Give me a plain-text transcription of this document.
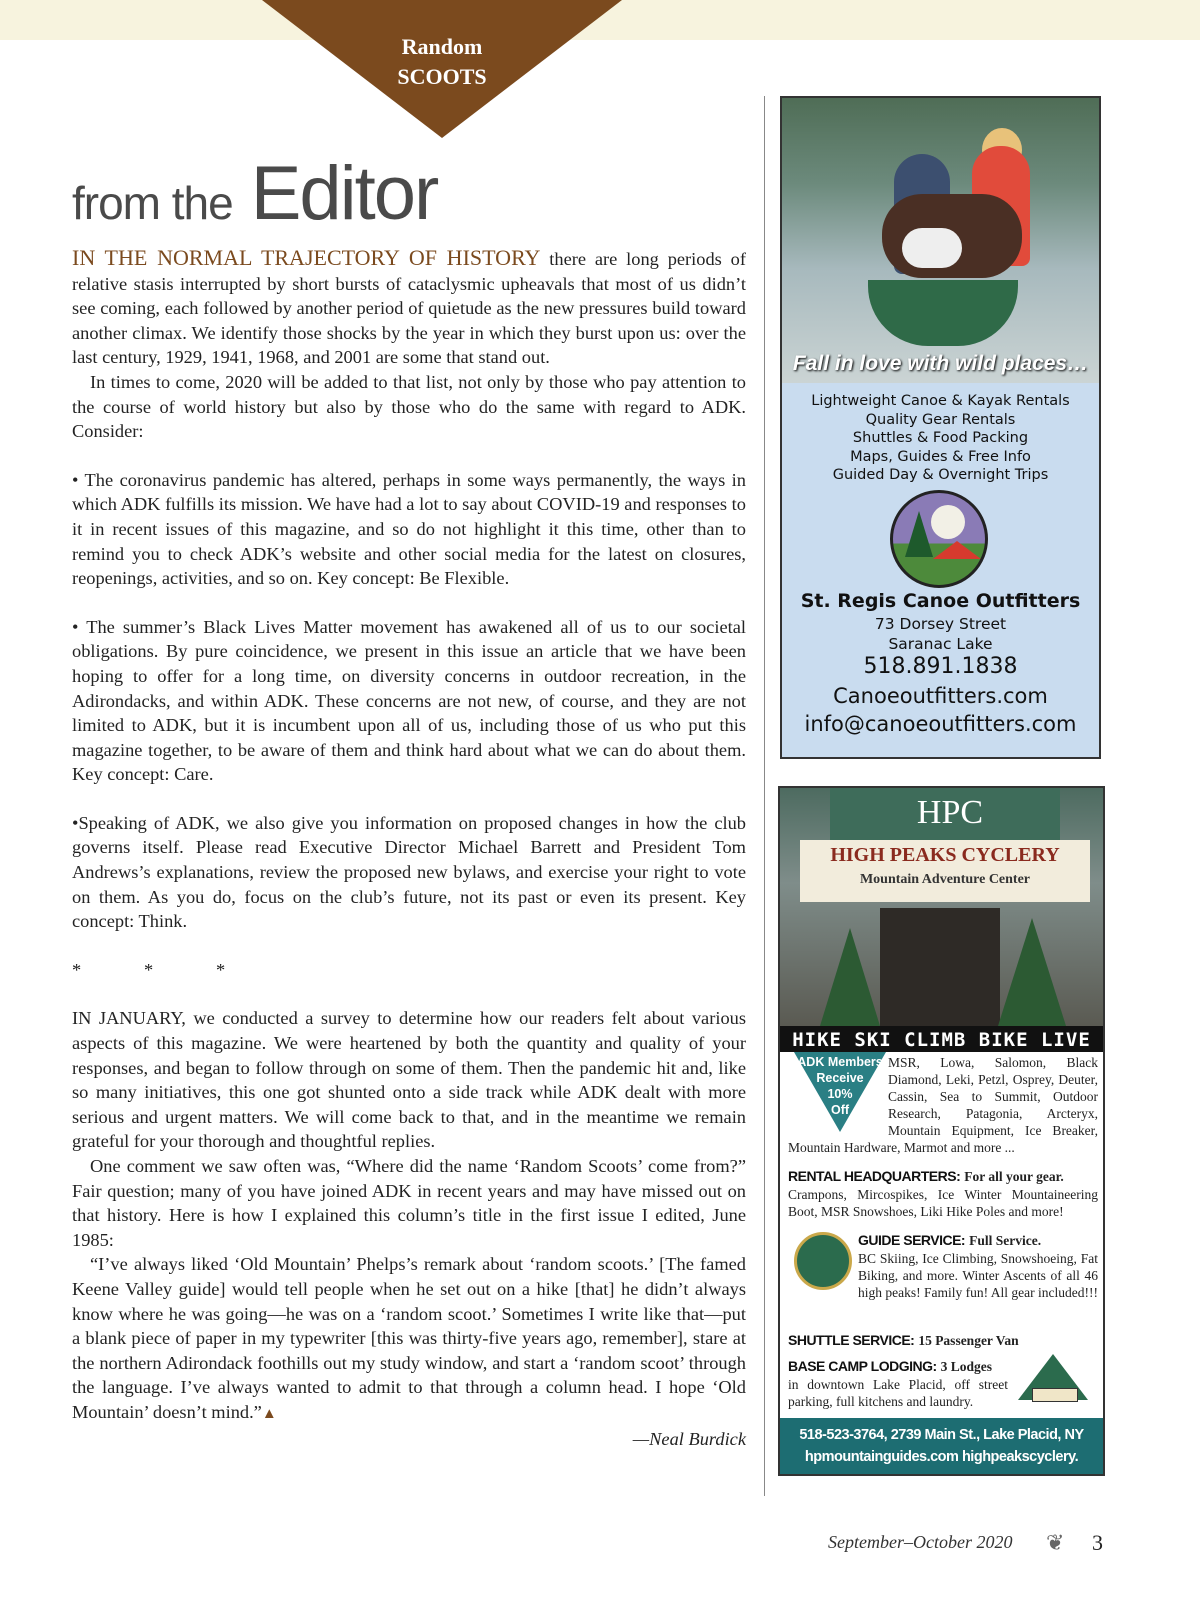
Random
SCOOTS
from the Editor

IN THE NORMAL TRAJECTORY OF HISTORY there are long periods of relative stasis interrupted by short bursts of cataclysmic upheavals that most of us didn’t see coming, each followed by another period of quietude as the new pressures build toward another climax. We identify those shocks by the year in which they burst upon us: over the last century, 1929, 1941, 1968, and 2001 are some that stand out.

In times to come, 2020 will be added to that list, not only by those who pay attention to the course of world history but also by those who do the same with regard to ADK. Consider:

• The coronavirus pandemic has altered, perhaps in some ways permanently, the ways in which ADK fulfills its mission. We have had a lot to say about COVID-19 and responses to it in recent issues of this magazine, and so do not highlight it this time, other than to remind you to check ADK’s website and other social media for the latest on closures, reopenings, activities, and so on. Key concept: Be Flexible.

• The summer’s Black Lives Matter movement has awakened all of us to our societal obligations. By pure coincidence, we present in this issue an article that we have been hoping to offer for a long time, on diversity concerns in outdoor recreation, in the Adirondacks, and within ADK. These concerns are not new, of course, and they are not limited to ADK, but it is incumbent upon all of us, including those of us who put this magazine together, to be aware of them and think hard about what we can do about them. Key concept: Care.

•Speaking of ADK, we also give you information on proposed changes in how the club governs itself. Please read Executive Director Michael Barrett and President Tom Andrews’s explanations, review the proposed new bylaws, and exercise your right to vote on them. As you do, focus on the club’s future, not its past or even its present. Key concept: Think.

*	*	*

IN JANUARY, we conducted a survey to determine how our readers felt about various aspects of this magazine. We were heartened by both the quantity and quality of your responses, and began to follow through on some of them. Then the pandemic hit and, like so many initiatives, this one got shunted onto a side track while ADK dealt with more serious and urgent matters. We will come back to that, and in the meantime we remain grateful for your thorough and thoughtful replies.

One comment we saw often was, “Where did the name ‘Random Scoots’ come from?” Fair question; many of you have joined ADK in recent years and may have missed out on that history. Here is how I explained this column’s title in the first issue I edited, June 1985:

“I’ve always liked ‘Old Mountain’ Phelps’s remark about ‘random scoots.’ [The famed Keene Valley guide] would tell people when he set out on a hike [that] he didn’t always know where he was going—he was on a ‘random scoot.’ Sometimes I write like that—put a blank piece of paper in my typewriter [this was thirty-five years ago, remember], stare at the northern Adirondack foothills out my study window, and start a ‘random scoot’ through the language. I’ve always wanted to admit to that through a column head. I hope ‘Old Mountain’ doesn’t mind.”▲

—Neal Burdick

Fall in love with wild places…
Lightweight Canoe & Kayak Rentals
Quality Gear Rentals
Shuttles & Food Packing
Maps, Guides & Free Info
Guided Day & Overnight Trips
St. Regis Canoe Outfitters
73 Dorsey Street
Saranac Lake
518.891.1838
Canoeoutfitters.com
info@canoeoutfitters.com
HPC
HIGH PEAKS CYCLERY
Mountain Adventure Center
HIKE SKI CLIMB BIKE LIVE
MSR, Lowa, Salomon, Black Diamond, Leki, Petzl, Osprey, Deuter, Cassin, Sea to Summit, Outdoor Research, Patagonia, Arcteryx, Mountain Equipment, Ice Breaker, Mountain Hardware, Marmot and more ...
ADK Members
Receive
10%
Off
RENTAL HEADQUARTERS: For all your gear.
Crampons, Mircospikes, Ice Winter Mountaineering Boot, MSR Snowshoes, Liki Hike Poles and more!
GUIDE SERVICE: Full Service.
BC Skiing, Ice Climbing, Snowshoeing, Fat Biking, and more. Winter Ascents of all 46 high peaks! Family fun! All gear included!!!
SHUTTLE SERVICE: 15 Passenger Van
BASE CAMP LODGING: 3 Lodges
in downtown Lake Placid, off street parking, full kitchens and laundry.
518-523-3764, 2739 Main St., Lake Placid, NY
hpmountainguides.com highpeakscyclery.
September–October 2020 ❦ 3
